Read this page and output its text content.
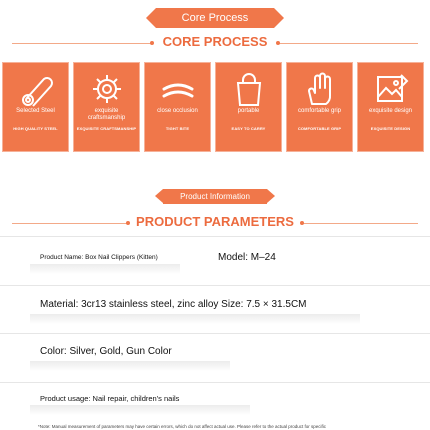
Core Process
CORE PROCESS
Selected Steel
HIGH QUALITY STEEL
exquisite craftsmanship
EXQUISITE CRAFTSMANSHIP
close occlusion
TIGHT BITE
portable
EASY TO CARRY
comfortable grip
COMFORTABLE GRIP
exquisite design
EXQUISITE DESIGN
Product Information
PRODUCT PARAMETERS
Product Name: Box Nail Clippers (Kitten)	Model: M–24
Material: 3cr13 stainless steel, zinc alloy Size: 7.5 × 31.5CM
Color: Silver, Gold, Gun Color
Product usage: Nail repair, children's nails
*Note: Manual measurement of parameters may have certain errors, which do not affect actual use. Please refer to the actual product for specific
